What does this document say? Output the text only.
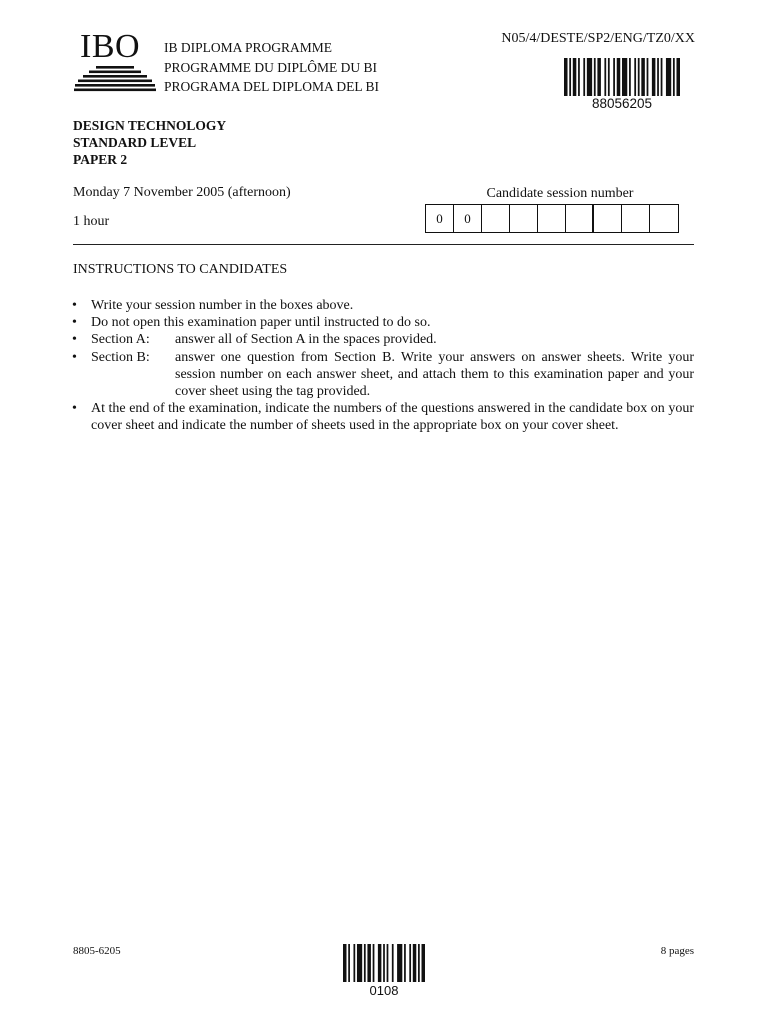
IBO IB DIPLOMA PROGRAMME
PROGRAMME DU DIPLÔME DU BI
PROGRAMA DEL DIPLOMA DEL BI
N05/4/DESTE/SP2/ENG/TZ0/XX
88056205
DESIGN TECHNOLOGY
STANDARD LEVEL
PAPER 2
Monday 7 November 2005 (afternoon)
1 hour
Candidate session number
0	0
INSTRUCTIONS TO CANDIDATES
•	Write your session number in the boxes above.
•	Do not open this examination paper until instructed to do so.
•	Section A:	answer all of Section A in the spaces provided.
•	Section B:	answer one question from Section B. Write your answers on answer sheets. Write your session number on each answer sheet, and attach them to this examination paper and your cover sheet using the tag provided.
•	At the end of the examination, indicate the numbers of the questions answered in the candidate box on your cover sheet and indicate the number of sheets used in the appropriate box on your cover sheet.
8805-6205
0108
8 pages
